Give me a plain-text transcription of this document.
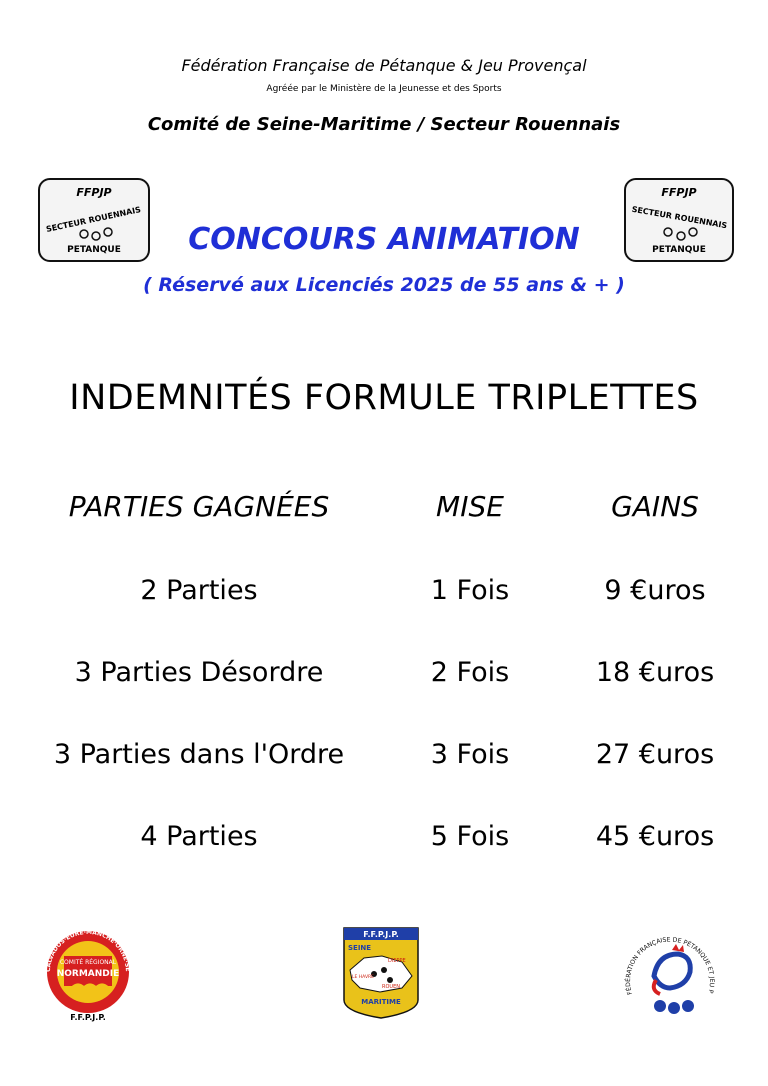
Fédération Française de Pétanque & Jeu Provençal
Agréée par le Ministère de la Jeunesse et des Sports
Comité de Seine-Maritime / Secteur Rouennais
FFPJP
SECTEUR ROUENNAIS
PETANQUE
FFPJP
SECTEUR ROUENNAIS
PETANQUE
CONCOURS ANIMATION
( Réservé aux Licenciés 2025 de 55 ans & + )
INDEMNITÉS FORMULE TRIPLETTES
PARTIES GAGNÉES	MISE	GAINS
2 Parties	1 Fois	9 €uros
3 Parties Désordre	2 Fois	18 €uros
3 Parties dans l'Ordre	3 Fois	27 €uros
4 Parties	5 Fois	45 €uros
CALVADOS·EURE·MANCHE·ORNE·SE
COMITÉ RÉGIONAL
NORMANDIE
F.F.P.J.P.
F.F.P.J.P.
SEINE
DIEPPE
LE HAVRE
ROUEN
MARITIME
FÉDÉRATION FRANÇAISE DE PÉTANQUE ET JEU P
